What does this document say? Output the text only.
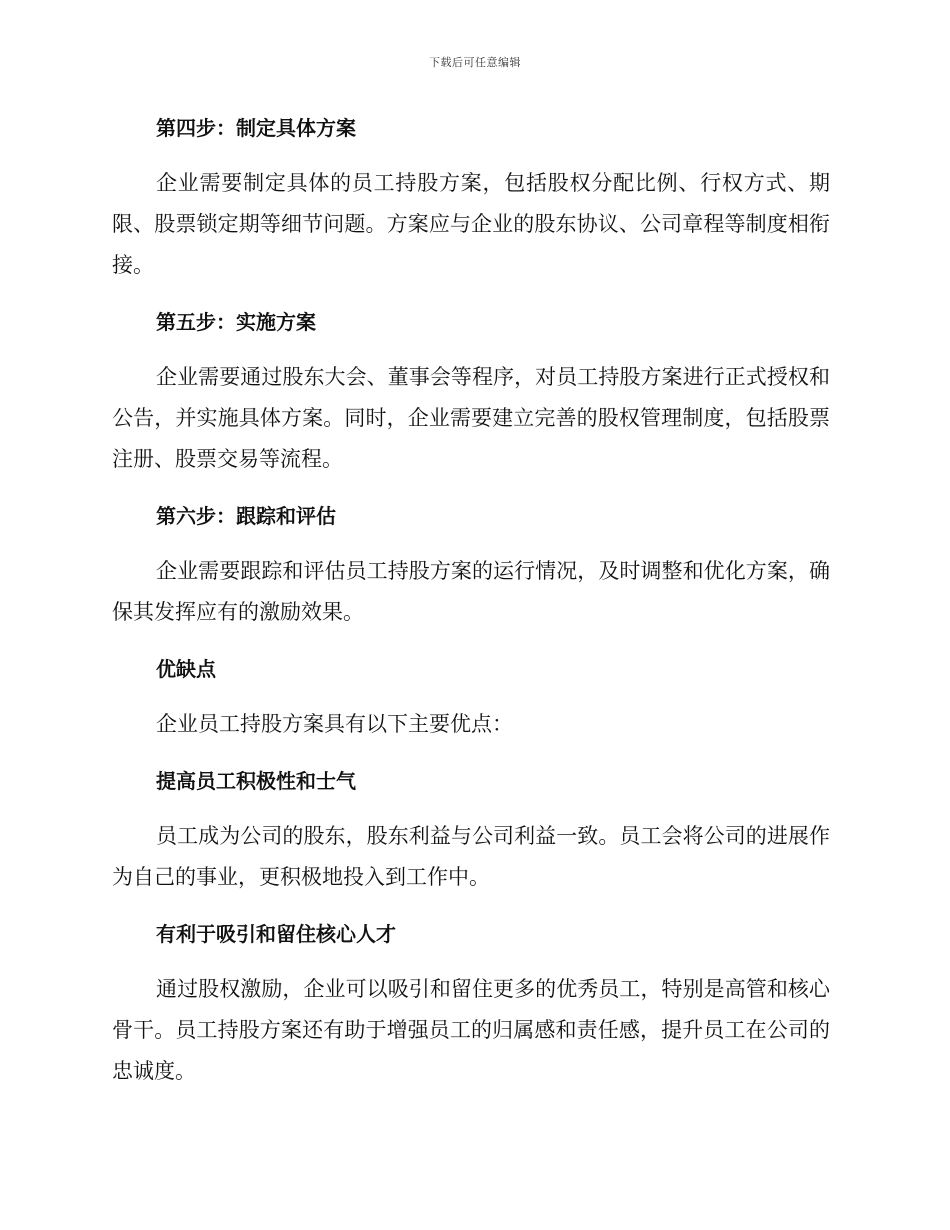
下载后可任意编辑
第四步：制定具体方案

企业需要制定具体的员工持股方案，包括股权分配比例、行权方式、期限、股票锁定期等细节问题。方案应与企业的股东协议、公司章程等制度相衔接。

第五步：实施方案

企业需要通过股东大会、董事会等程序，对员工持股方案进行正式授权和公告，并实施具体方案。同时，企业需要建立完善的股权管理制度，包括股票注册、股票交易等流程。

第六步：跟踪和评估

企业需要跟踪和评估员工持股方案的运行情况，及时调整和优化方案，确保其发挥应有的激励效果。

优缺点

企业员工持股方案具有以下主要优点：

提高员工积极性和士气

员工成为公司的股东，股东利益与公司利益一致。员工会将公司的进展作为自己的事业，更积极地投入到工作中。

有利于吸引和留住核心人才

通过股权激励，企业可以吸引和留住更多的优秀员工，特别是高管和核心骨干。员工持股方案还有助于增强员工的归属感和责任感，提升员工在公司的忠诚度。
